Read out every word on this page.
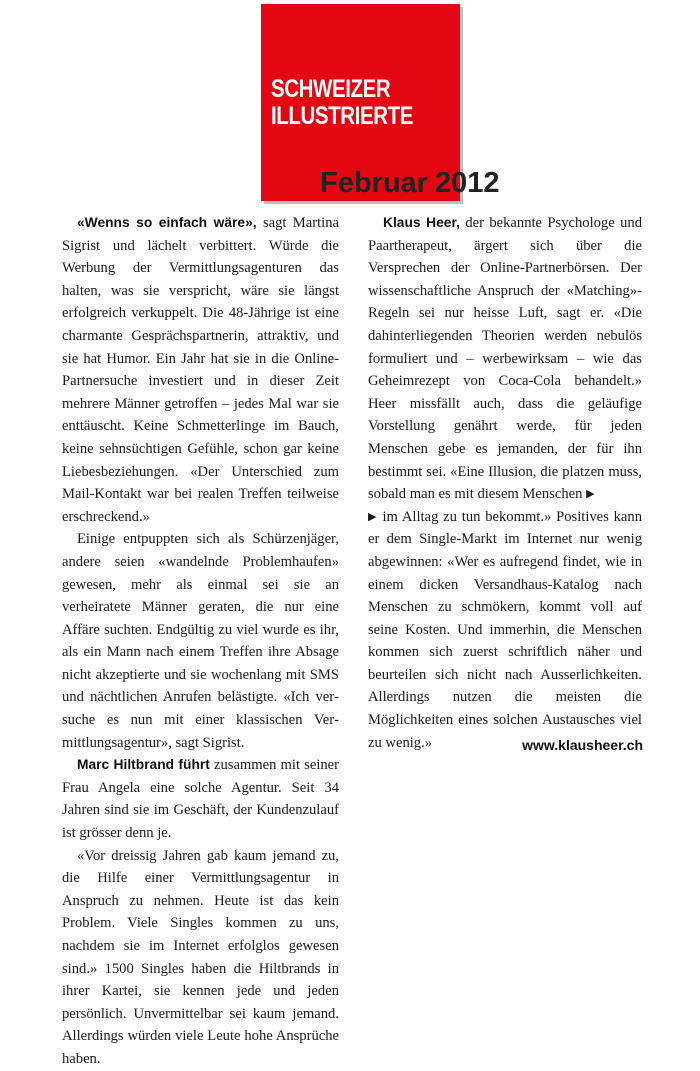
SCHWEIZER
ILLUSTRIERTE
Februar 2012

«Wenns so einfach wäre», sagt Martina Sigrist und lächelt verbittert. Würde die Werbung der Vermittlungsagenturen das halten, was sie verspricht, wäre sie längst erfolgreich verkuppelt. Die 48-Jährige ist eine charmante Gesprächspartnerin, attraktiv, und sie hat Humor. Ein Jahr hat sie in die Online-Partnersuche investiert und in dieser Zeit mehrere Männer getroffen – jedes Mal war sie enttäuscht. Keine Schmetterlinge im Bauch, keine sehnsüchtigen Gefühle, schon gar keine Liebesbeziehungen. «Der Unterschied zum Mail-Kontakt war bei realen Treffen teilweise erschreckend.»

Einige entpuppten sich als Schürzenjäger, andere seien «wandelnde Problemhaufen» gewesen, mehr als einmal sei sie an verheiratete Männer geraten, die nur eine Affäre suchten. Endgültig zu viel wurde es ihr, als ein Mann nach einem Treffen ihre Absage nicht akzeptierte und sie wochenlang mit SMS und nächtlichen Anrufen belästigte. «Ich versuche es nun mit einer klassischen Vermittlungsagentur», sagt Sigrist.

Marc Hiltbrand führt zusammen mit seiner Frau Angela eine solche Agentur. Seit 34 Jahren sind sie im Geschäft, der Kundenzulauf ist grösser denn je.

«Vor dreissig Jahren gab kaum jemand zu, die Hilfe einer Vermittlungsagentur in Anspruch zu nehmen. Heute ist das kein Problem. Viele Singles kommen zu uns, nachdem sie im Internet erfolglos gewesen sind.» 1500 Singles haben die Hiltbrands in ihrer Kartei, sie kennen jede und jeden persönlich. Unvermittelbar sei kaum jemand. Allerdings würden viele Leute hohe Ansprüche haben.

Klaus Heer, der bekannte Psychologe und Paartherapeut, ärgert sich über die Versprechen der Online-Partnerbörsen. Der wissenschaftliche Anspruch der «Matching»-Regeln sei nur heisse Luft, sagt er. «Die dahinterliegenden Theorien werden nebulös formuliert und – werbewirksam – wie das Geheimrezept von Coca-Cola behandelt.» Heer missfällt auch, dass die geläufige Vorstellung genährt werde, für jeden Menschen gebe es jemanden, der für ihn bestimmt sei. «Eine Illusion, die platzen muss, sobald man es mit diesem Menschen ▶
▶ im Alltag zu tun bekommt.» Positives kann er dem Single-Markt im Internet nur wenig abgewinnen: «Wer es aufregend findet, wie in einem dicken Versandhaus-Katalog nach Menschen zu schmökern, kommt voll auf seine Kosten. Und immerhin, die Menschen kommen sich zuerst schriftlich näher und beurteilen sich nicht nach Ausserlichkeiten. Allerdings nutzen die meisten die Möglichkeiten eines solchen Austausches viel zu wenig.»	www.klausheer.ch
